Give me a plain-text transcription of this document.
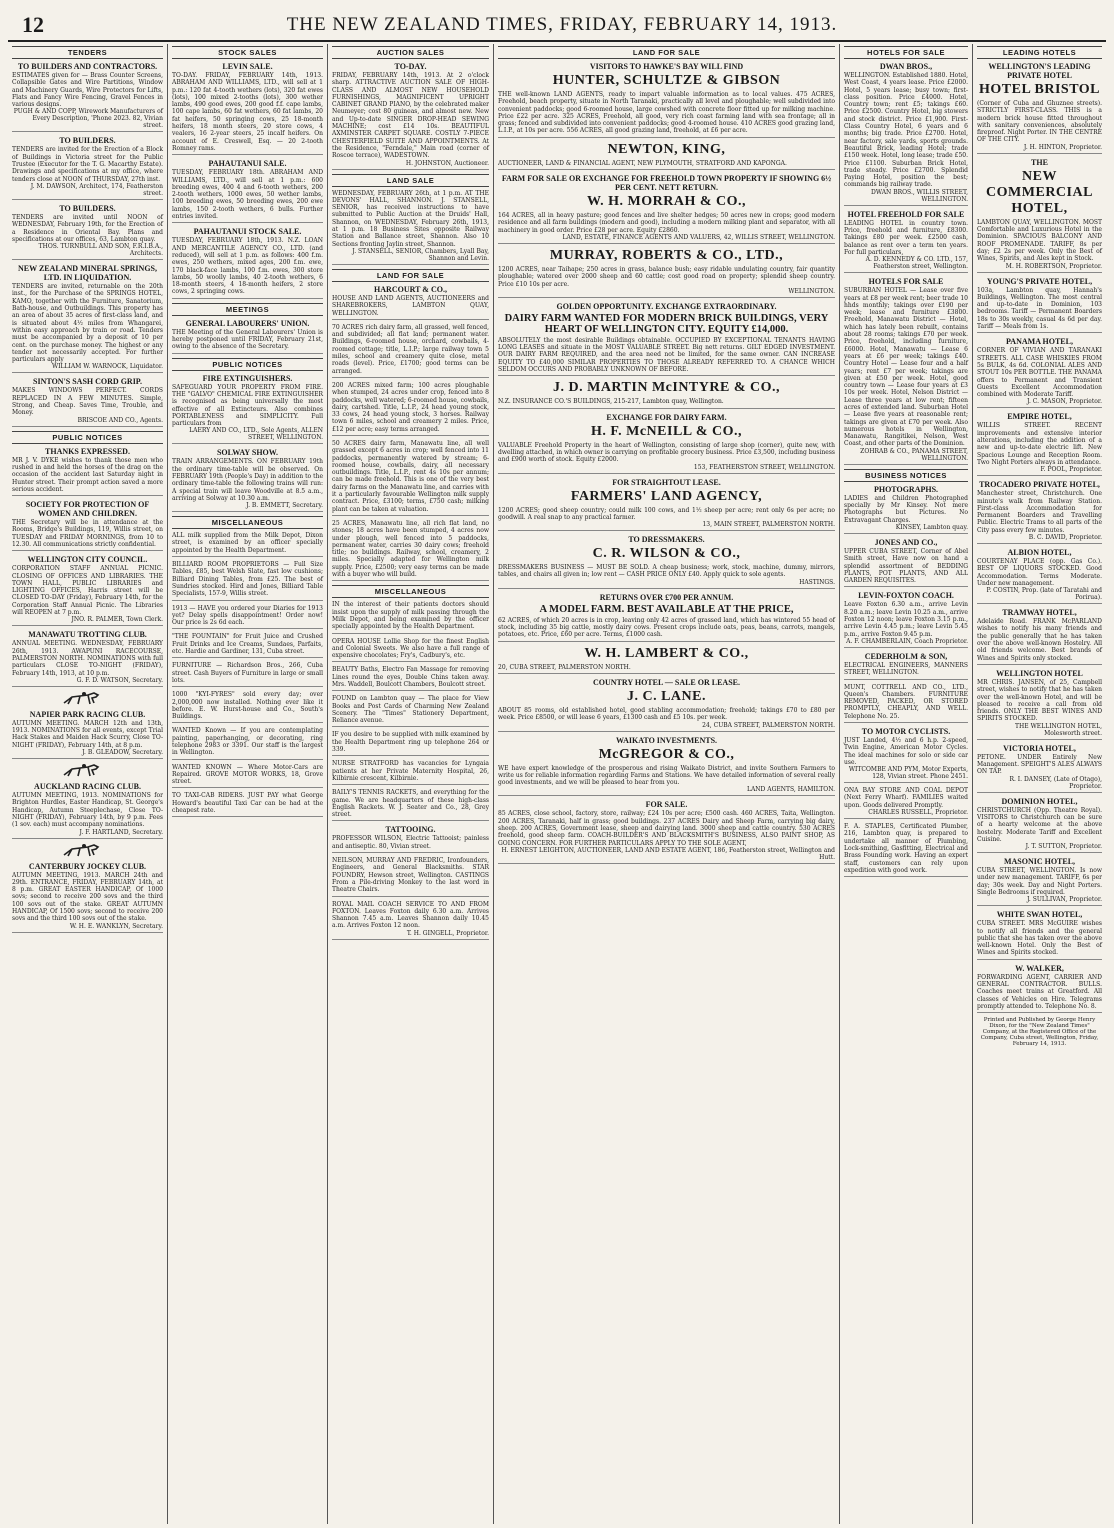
12	THE NEW ZEALAND TIMES, FRIDAY, FEBRUARY 14, 1913.
TENDERS
TO BUILDERS AND CONTRACTORS.
ESTIMATES given for — Brass Counter Screens, Collapsible Gates and Wire Partitions, Window and Machinery Guards, Wire Protectors for Lifts, Flats and Fancy Wire Fencing, Gravel Fences in various designs.
PUGH & AND COPP, Wirework Manufacturers of Every Description, 'Phone 2023. 82, Vivian street.
TO BUILDERS.
TENDERS are invited for the Erection of a Block of Buildings in Victoria street for the Public Trustee (Executor for the T. G. Macarthy Estate). Drawings and specifications at my office, where tenders close at NOON of THURSDAY, 27th inst.
J. M. DAWSON, Architect, 174, Featherston street.
TO BUILDERS.
TENDERS are invited until NOON of WEDNESDAY, February 19th, for the Erection of a Residence in Oriental Bay. Plans and specifications at our offices, 63, Lambton quay.
THOS. TURNBULL AND SON, F.R.I.B.A., Architects.
NEW ZEALAND MINERAL SPRINGS, LTD. IN LIQUIDATION.
TENDERS are invited, returnable on the 20th inst., for the Purchase of the SPRINGS HOTEL, KAMO, together with the Furniture, Sanatorium, Bath-house, and Outbuildings. This property has an area of about 35 acres of first-class land, and is situated about 4½ miles from Whangarei, within easy approach by train or road. Tenders must be accompanied by a deposit of 10 per cent. on the purchase money. The highest or any tender not necessarily accepted. For further particulars apply
WILLIAM W. WARNOCK, Liquidator.
SINTON'S SASH CORD GRIP.
MAKES WINDOWS PERFECT. CORDS REPLACED IN A FEW MINUTES. Simple, Strong, and Cheap. Saves Time, Trouble, and Money.
BRISCOE AND CO., Agents.
PUBLIC NOTICES
THANKS EXPRESSED.
MR J. V. DYKE wishes to thank those men who rushed in and held the horses of the drag on the occasion of the accident last Saturday night in Hunter street. Their prompt action saved a more serious accident.
SOCIETY FOR PROTECTION OF WOMEN AND CHILDREN.
THE Secretary will be in attendance at the Rooms, Bridge's Buildings, 119, Willis street, on TUESDAY and FRIDAY MORNINGS, from 10 to 12.30. All communications strictly confidential.
WELLINGTON CITY COUNCIL.
CORPORATION STAFF ANNUAL PICNIC. CLOSING OF OFFICES AND LIBRARIES. THE TOWN HALL, PUBLIC LIBRARIES and LIGHTING OFFICES, Harris street will be CLOSED TO-DAY (Friday), February 14th, for the Corporation Staff Annual Picnic. The Libraries will REOPEN at 7 p.m.
JNO. R. PALMER, Town Clerk.
MANAWATU TROTTING CLUB.
ANNUAL MEETING. WEDNESDAY, FEBRUARY 26th, 1913. AWAPUNI RACECOURSE, PALMERSTON NORTH. NOMINATIONS with full particulars CLOSE TO-NIGHT (FRIDAY), February 14th, 1913, at 10 p.m.
G. F. D. WATSON, Secretary.
NAPIER PARK RACING CLUB.
AUTUMN MEETING. MARCH 12th and 13th, 1913. NOMINATIONS for all events, except Trial Hack Stakes and Maiden Hack Scurry, Close TO-NIGHT (FRIDAY), February 14th, at 8 p.m.
J. B. GLEADOW, Secretary.
AUCKLAND RACING CLUB.
AUTUMN MEETING, 1913. NOMINATIONS for Brighton Hurdles, Easter Handicap, St. George's Handicap, Autumn Steeplechase, Close TO-NIGHT (FRIDAY), February 14th, by 9 p.m. Fees (1 sov. each) must accompany nominations.
J. F. HARTLAND, Secretary.
CANTERBURY JOCKEY CLUB.
AUTUMN MEETING, 1913. MARCH 24th and 29th. ENTRANCE, FRIDAY, FEBRUARY 14th, at 8 p.m. GREAT EASTER HANDICAP, Of 1000 sovs; second to receive 200 sovs and the third 100 sovs out of the stake. GREAT AUTUMN HANDICAP, Of 1500 sovs; second to receive 200 sovs and the third 100 sovs out of the stake.
W. H. E. WANKLYN, Secretary.
STOCK SALES
LEVIN SALE.
TO-DAY. FRIDAY, FEBRUARY 14th, 1913. ABRAHAM AND WILLIAMS, LTD., will sell at 1 p.m.: 120 fat 4-tooth wethers (lots), 320 fat ewes (lots), 100 mixed 2-tooths (lots), 300 wether lambs, 490 good ewes, 200 good f.f. cape lambs, 100 cape lambs, 60 fat wethers, 60 fat lambs, 20 fat heifers, 50 springing cows, 25 18-month heifers, 18 month steers, 20 store cows, 4 vealers, 16 2-year steers, 25 incalf heifers. On account of E. Creswell, Esq. — 20 2-tooth Romney rams.
PAHAUTANUI SALE.
TUESDAY, FEBRUARY 18th. ABRAHAM AND WILLIAMS, LTD., will sell at 1 p.m.: 600 breeding ewes, 400 4 and 6-tooth wethers, 200 2-tooth wethers, 1000 ewes, 50 wether lambs, 100 breeding ewes, 50 breeding ewes, 200 ewe lambs, 150 2-tooth wethers, 6 bulls. Further entries invited.
PAHAUTANUI STOCK SALE.
TUESDAY, FEBRUARY 18th, 1913. N.Z. LOAN AND MERCANTILE AGENCY CO., LTD. (and reduced), will sell at 1 p.m. as follows: 400 f.m. ewes, 250 wethers, mixed ages, 200 f.m. ewe, 170 black-face lambs, 100 f.m. ewes, 300 store lambs, 50 woolly lambs, 40 2-tooth wethers, 6 18-month steers, 4 18-month heifers, 2 store cows, 2 springing cows.
MEETINGS
GENERAL LABOURERS' UNION.
THE Meeting of the General Labourers' Union is hereby postponed until FRIDAY, February 21st, owing to the absence of the Secretary.
PUBLIC NOTICES
FIRE EXTINGUISHERS.
SAFEGUARD YOUR PROPERTY FROM FIRE. THE "GALVO" CHEMICAL FIRE EXTINGUISHER is recognised as being universally the most effective of all Extincteurs. Also combines PORTABLENESS and SIMPLICITY. Full particulars from
LAERY AND CO., LTD., Sole Agents, ALLEN STREET, WELLINGTON.
SOLWAY SHOW.
TRAIN ARRANGEMENTS. ON FEBRUARY 19th the ordinary time-table will be observed. On FEBRUARY 19th (People's Day) in addition to the ordinary time-table the following trains will run: A special train will leave Woodville at 8.5 a.m., arriving at Solway at 10.30 a.m.
J. B. EMMETT, Secretary.
MISCELLANEOUS
ALL milk supplied from the Milk Depot, Dixon street, is examined by an officer specially appointed by the Health Department.
BILLIARD ROOM PROPRIETORS — Full Size Tables, £85, best Welsh Slate, fast low cushions; Billiard Dining Tables, from £25. The best of Sundries stocked. Hird and Jones, Billiard Table Specialists, 157-9, Willis street.
1913 — HAVE you ordered your Diaries for 1913 yet? Delay spells disappointment! Order now! Our price is 2s 6d each.
"THE FOUNTAIN" for Fruit Juice and Crushed Fruit Drinks and Ice Creams, Sundaes, Parfaits, etc. Hardie and Gardiner, 131, Cuba street.
FURNITURE — Richardson Bros., 266, Cuba street. Cash Buyers of Furniture in large or small lots.
1000 "KYI-FYRES" sold every day; over 2,000,000 now installed. Nothing ever like it before. E. W. Hurst-house and Co., South's Buildings.
WANTED Known — If you are contemplating painting, paperhanging, or decorating, ring telephone 2983 or 3391. Our staff is the largest in Wellington.
WANTED KNOWN — Where Motor-Cars are Repaired. GROVE MOTOR WORKS, 18, Grove street.
TO TAXI-CAB RIDERS. JUST PAY what George Howard's beautiful Taxi Car can be had at the cheapest rate.
AUCTION SALES
TO-DAY.
FRIDAY, FEBRUARY 14th, 1913. At 2 o'clock sharp. ATTRACTIVE AUCTION SALE OF HIGH-CLASS AND ALMOST NEW HOUSEHOLD FURNISHINGS, MAGNIFICENT UPRIGHT CABINET GRAND PIANO, by the celebrated maker Neumeyer; cost 80 guineas, and almost new. New and Up-to-date SINGER DROP-HEAD SEWING MACHINE; cost £14 10s. BEAUTIFUL AXMINSTER CARPET SQUARE. COSTLY 7-PIECE CHESTERFIELD SUITE AND APPOINTMENTS. At the Residence, "Ferndale," Main road (corner of Roscoe terrace), WADESTOWN.
H. JOHNSTON, Auctioneer.
LAND SALE
WEDNESDAY, FEBRUARY 26th, at 1 p.m. AT THE DEVONS' HALL, SHANNON. J. STANSELL, SENIOR, has received instructions to have submitted to Public Auction at the Druids' Hall, Shannon, on WEDNESDAY, February 26th, 1913, at 1 p.m. 18 Business Sites opposite Railway Station and Ballance street, Shannon. Also 10 Sections fronting Jaylin street, Shannon.
J. STANSELL, SENIOR, Chambers, Lyall Bay, Shannon and Levin.
LAND FOR SALE
HARCOURT & CO.,
HOUSE AND LAND AGENTS, AUCTIONEERS and SHAREBROKERS, LAMBTON QUAY, WELLINGTON.
70 ACRES rich dairy farm, all grassed, well fenced, and subdivided; all flat land; permanent water. Buildings, 6-roomed house, orchard, cowbails, 4-roomed cottage; title, L.I.P.; large railway town 5 miles, school and creamery quite close, metal roads (level). Price, £1700; good terms can be arranged.
200 ACRES mixed farm; 100 acres ploughable when stumped, 24 acres under crop, fenced into 8 paddocks, well watered; 6-roomed house, cowbails, dairy, cartshed. Title, L.I.P., 24 head young stock, 33 cows, 24 head young stock, 3 horses. Railway town 6 miles, school and creamery 2 miles. Price, £12 per acre; easy terms arranged.
50 ACRES dairy farm, Manawatu line, all well grassed except 6 acres in crop; well fenced into 11 paddocks, permanently watered by stream; 6-roomed house, cowbails, dairy, all necessary outbuildings. Title, L.I.P., rent 4s 10s per annum; can be made freehold. This is one of the very best dairy farms on the Manawatu line, and carries with it a particularly favourable Wellington milk supply contract. Price, £3100; terms, £750 cash; milking plant can be taken at valuation.
25 ACRES, Manawatu line, all rich flat land, no stones; 18 acres have been stumped, 4 acres now under plough, well fenced into 5 paddocks, permanent water, carries 30 dairy cows; freehold title; no buildings. Railway, school, creamery, 2 miles. Specially adapted for Wellington milk supply. Price, £2500; very easy terms can be made with a buyer who will build.
MISCELLANEOUS
IN the interest of their patients doctors should insist upon the supply of milk passing through the Milk Depot, and being examined by the officer specially appointed by the Health Department.
OPERA HOUSE Lollie Shop for the finest English and Colonial Sweets. We also have a full range of expensive chocolates; Fry's, Cadbury's, etc.
BEAUTY Baths, Electro Fan Massage for removing Lines round the eyes, Double Chins taken away. Mrs. Waddell, Boulcott Chambers, Boulcott street.
FOUND on Lambton quay — The place for View Books and Post Cards of Charming New Zealand Scenery. The "Times" Stationery Department, Reliance avenue.
IF you desire to be supplied with milk examined by the Health Department ring up telephone 264 or 339.
NURSE STRATFORD has vacancies for Lyngaia patients at her Private Maternity Hospital, 26, Kilbirnie crescent, Kilbirnie.
BAILY'S TENNIS RACKETS, and everything for the game. We are headquarters of these high-class English Rackets. W. J. Seater and Co., 28, Grey street.
TATTOOING.
PROFESSOR WILSON, Electric Tattooist; painless and antiseptic. 80, Vivian street.
NEILSON, MURRAY AND FREDRIC, Ironfounders, Engineers, and General Blacksmiths. STAR FOUNDRY, Hewson street, Wellington. CASTINGS From a Pile-driving Monkey to the last word in Theatre Chairs.
ROYAL MAIL COACH SERVICE TO AND FROM FOXTON. Leaves Foxton daily 6.30 a.m. Arrives Shannon 7.45 a.m. Leaves Shannon daily 10.45 a.m. Arrives Foxton 12 noon.
T. H. GINGELL, Proprietor.
LAND FOR SALE
VISITORS TO HAWKE'S BAY WILL FIND
HUNTER, SCHULTZE & GIBSON
THE well-known LAND AGENTS, ready to impart valuable information as to local values. 475 ACRES, Freehold, beach property, situate in North Taranaki, practically all level and ploughable; well subdivided into convenient paddocks; good 6-roomed house, large cowshed with concrete floor fitted up for milking machine. Price £22 per acre. 325 ACRES, Freehold, all good, very rich coast farming land with sea frontage; all in grass; fenced and subdivided into convenient paddocks; good 4-roomed house. 410 ACRES good grazing land, L.I.P., at 10s per acre. 556 ACRES, all good grazing land, freehold, at £6 per acre.
NEWTON, KING,
AUCTIONEER, LAND & FINANCIAL AGENT, NEW PLYMOUTH, STRATFORD AND KAPONGA.
FARM FOR SALE OR EXCHANGE FOR FREEHOLD TOWN PROPERTY IF SHOWING 6½ PER CENT. NETT RETURN.
W. H. MORRAH & CO.,
164 ACRES, all in heavy pasture; good fences and live shelter hedges; 50 acres new in crops; good modern residence and all farm buildings (modern and good), including a modern milking plant and separator, with all machinery in good order. Price £28 per acre. Equity £2860.
LAND, ESTATE, FINANCE AGENTS AND VALUERS, 42, WILLIS STREET, WELLINGTON.
MURRAY, ROBERTS & CO., LTD.,
1200 ACRES, near Taihape; 250 acres in grass, balance bush; easy ridable undulating country, fair quantity ploughable; watered over 2000 sheep and 60 cattle; cost good road on property; splendid sheep country. Price £10 10s per acre.
WELLINGTON.
GOLDEN OPPORTUNITY. EXCHANGE EXTRAORDINARY.
DAIRY FARM WANTED FOR MODERN BRICK BUILDINGS, VERY HEART OF WELLINGTON CITY. EQUITY £14,000.
ABSOLUTELY the most desirable Buildings obtainable. OCCUPIED BY EXCEPTIONAL TENANTS HAVING LONG LEASES and situate in the MOST VALUABLE STREET. Big nett returns. GILT EDGED INVESTMENT. OUR DAIRY FARM REQUIRED, and the area need not be limited, for the same owner. CAN INCREASE EQUITY TO £40,000 SIMILAR PROPERTIES TO THOSE ALREADY REFERRED TO. A CHANCE WHICH SELDOM OCCURS AND PROBABLY UNKNOWN OF BEFORE.
J. D. MARTIN McINTYRE & CO.,
N.Z. INSURANCE CO.'S BUILDINGS, 215-217, Lambton quay, Wellington.
EXCHANGE FOR DAIRY FARM.
H. F. McNEILL & CO.,
VALUABLE Freehold Property in the heart of Wellington, consisting of large shop (corner), quite new, with dwelling attached, in which owner is carrying on profitable grocery business. Price £3,500, including business and £900 worth of stock. Equity £2000.
153, FEATHERSTON STREET, WELLINGTON.
FOR STRAIGHTOUT LEASE.
FARMERS' LAND AGENCY,
1200 ACRES; good sheep country; could milk 100 cows, and 1½ sheep per acre; rent only 6s per acre; no goodwill. A real snap to any practical farmer.
13, MAIN STREET, PALMERSTON NORTH.
TO DRESSMAKERS.
C. R. WILSON & CO.,
DRESSMAKERS BUSINESS — MUST BE SOLD. A cheap business; work, stock, machine, dummy, mirrors, tables, and chairs all given in; low rent — CASH PRICE ONLY £40. Apply quick to sole agents.
HASTINGS.
RETURNS OVER £700 PER ANNUM.
A MODEL FARM. BEST AVAILABLE AT THE PRICE,
62 ACRES, of which 20 acres is in crop, leaving only 42 acres of grassed land, which has wintered 55 head of stock, including 35 big cattle, mostly dairy cows. Present crops include oats, peas, beans, carrots, mangels, potatoes, etc. Price, £60 per acre. Terms, £1000 cash.
W. H. LAMBERT & CO.,
20, CUBA STREET, PALMERSTON NORTH.
COUNTRY HOTEL — SALE OR LEASE.
J. C. LANE.
ABOUT 85 rooms, old established hotel, good stabling accommodation; freehold; takings £70 to £80 per week. Price £8500, or will lease 6 years, £1300 cash and £5 10s. per week.
24, CUBA STREET, PALMERSTON NORTH.
WAIKATO INVESTMENTS.
McGREGOR & CO.,
WE have expert knowledge of the prosperous and rising Waikato District, and invite Southern Farmers to write us for reliable information regarding Farms and Stations. We have detailed information of several really good investments, and we will be pleased to hear from you.
LAND AGENTS, HAMILTON.
FOR SALE.
85 ACRES, close school, factory, store, railway; £24 10s per acre; £500 cash. 460 ACRES, Taita, Wellington. 200 ACRES, Taranaki, half in grass; good buildings. 237 ACRES Dairy and Sheep Farm, carrying big dairy, sheep. 200 ACRES, Government lease, sheep and dairying land. 3000 sheep and cattle country. 530 ACRES freehold, good sheep farm. COACH-BUILDER'S AND BLACKSMITH'S BUSINESS, ALSO PAINT SHOP, AS GOING CONCERN. FOR FURTHER PARTICULARS APPLY TO THE SOLE AGENT,
H. ERNEST LEIGHTON, AUCTIONEER, LAND AND ESTATE AGENT, 186, Featherston street, Wellington and Hutt.
HOTELS FOR SALE
DWAN BROS.,
WELLINGTON. Established 1880. Hotel, West Coast, 4 years lease. Price £2000. Hotel, 5 years lease; busy town; first-class position. Price £4000. Hotel, Country town; rent £5; takings £60. Price £2500. Country Hotel, big stowers and stock district. Price £1,900. First-Class Country Hotel, 6 years and 6 months; big trade. Price £2700. Hotel, near factory, sale yards, sports grounds. Beautiful Brick, leading Hotel; trade £150 week. Hotel, long lease; trade £50. Price £1100. Suburban Brick Hotel, trade steady. Price £2700. Splendid Paying Hotel, position the best; commands big railway trade.
DWAN BROS., WILLIS STREET, WELLINGTON.
HOTEL FREEHOLD FOR SALE
LEADING HOTEL in country town. Price, freehold and furniture, £8300. Takings £80 per week. £2500 cash, balance as rent over a term ten years. For full particulars,
A. D. KENNEDY & CO. LTD., 157, Featherston street, Wellington.
HOTELS FOR SALE
SUBURBAN HOTEL — Lease over five years at £8 per week rent; beer trade 10 hhds monthly; takings over £190 per week; lease and furniture £3800. Freehold, Manawatu District — Hotel, which has lately been rebuilt, contains about 28 rooms; takings £70 per week. Price, freehold, including furniture, £6000. Hotel, Manawatu — Lease 6 years at £6 per week; takings £40. Country Hotel — Lease four and a half years; rent £7 per week; takings are given at £50 per week. Hotel, good country town — Lease four years at £3 10s per week. Hotel, Nelson District — Lease three years at low rent; fifteen acres of extended land. Suburban Hotel — Lease five years at reasonable rent; takings are given at £70 per week. Also numerous hotels in Wellington, Manawatu, Rangitikei, Nelson, West Coast, and other parts of the Dominion.
ZOHRAB & CO., PANAMA STREET, WELLINGTON.
BUSINESS NOTICES
PHOTOGRAPHS.
LADIES and Children Photographed specially by Mr Kinsey. Not mere Photographs but Pictures. No Extravagant Charges.
KINSEY, Lambton quay.
JONES AND CO.,
UPPER CUBA STREET, Corner of Abel Smith street, Have now on hand a splendid assortment of BEDDING PLANTS, POT PLANTS, AND ALL GARDEN REQUISITES.
LEVIN-FOXTON COACH.
Leave Foxton 6.30 a.m., arrive Levin 8.20 a.m.; leave Levin 10.25 a.m., arrive Foxton 12 noon; leave Foxton 3.15 p.m., arrive Levin 4.45 p.m.; leave Levin 5.45 p.m., arrive Foxton 9.45 p.m.
A. F. CHAMBERLAIN, Coach Proprietor.
CEDERHOLM & SON,
ELECTRICAL ENGINEERS, MANNERS STREET, WELLINGTON.
MUNT, COTTRELL AND CO., LTD., Queen's Chambers. FURNITURE REMOVED, PACKED, OR STORED PROMPTLY, CHEAPLY, AND WELL. Telephone No. 25.
TO MOTOR CYCLISTS.
JUST Landed, 4½ and 6 h.p. 2-speed, Twin Engine, American Motor Cycles. The ideal machines for solo or side car use.
WITCOMBE AND PYM, Motor Experts, 128, Vivian street. Phone 2451.
ONA BAY STORE AND COAL DEPOT (Next Ferry Wharf). FAMILIES waited upon. Goods delivered Promptly.
CHARLES RUSSELL, Proprietor.
F. A. STAPLES, Certificated Plumber, 216, Lambton quay, is prepared to undertake all manner of Plumbing, Lock-smithing, Gasfitting, Electrical and Brass Founding work. Having an expert staff, customers can rely upon expedition with good work.
LEADING HOTELS
WELLINGTON'S LEADING PRIVATE HOTEL
HOTEL BRISTOL
(Corner of Cuba and Ghuznee streets). STRICTLY FIRST-CLASS. THIS is a modern brick house fitted throughout with sanitary conveniences, absolutely fireproof. Night Porter. IN THE CENTRE OF THE CITY.
J. H. HINTON, Proprietor.
THE
NEW COMMERCIAL HOTEL,
LAMBTON QUAY, WELLINGTON. MOST Comfortable and Luxurious Hotel in the Dominion. SPACIOUS BALCONY AND ROOF PROMENADE. TARIFF, 8s per day; £2 2s per week. Only the Best of Wines, Spirits, and Ales kept in Stock.
M. H. ROBERTSON, Proprietor.
YOUNG'S PRIVATE HOTEL,
103a, Lambton quay, Hannah's Buildings, Wellington. The most central and up-to-date in Dominion, 103 bedrooms. Tariff — Permanent Boarders 18s to 30s weekly, casual 4s 6d per day. Tariff — Meals from 1s.
PANAMA HOTEL,
CORNER OF VIVIAN AND TARANAKI STREETS. ALL CASE WHISKIES FROM 5s BULK, 4s 6d. COLONIAL ALES AND STOUT 10s PER BOTTLE. THE PANAMA offers to Permanent and Transient Guests Excellent Accommodation combined with Moderate Tariff.
J. C. MASON, Proprietor.
EMPIRE HOTEL,
WILLIS STREET. RECENT improvements and extensive interior alterations, including the addition of a new and up-to-date electric lift. New Spacious Lounge and Reception Room. Two Night Porters always in attendance.
F. POOL, Proprietor.
TROCADERO PRIVATE HOTEL,
Manchester street, Christchurch. One minute's walk from Railway Station. First-class Accommodation for Permanent Boarders and Travelling Public. Electric Trams to all parts of the City pass every few minutes.
B. C. DAVID, Proprietor.
ALBION HOTEL,
COURTENAY PLACE (opp. Gas Co.). BEST OF LIQUORS STOCKED. Good Accommodation. Terms Moderate. Under new management.
P. COSTIN, Prop. (late of Taratahi and Porirua).
TRAMWAY HOTEL,
Adelaide Road. FRANK McPARLAND wishes to notify his many friends and the public generally that he has taken over the above well-known Hostelry. All old friends welcome. Best brands of Wines and Spirits only stocked.
WELLINGTON HOTEL
MR CHRIS. JANSEN, of 25, Campbell street, wishes to notify that he has taken over the well-known Hotel, and will be pleased to receive a call from old friends. ONLY THE BEST WINES AND SPIRITS STOCKED.
THE WELLINGTON HOTEL, Molesworth street.
VICTORIA HOTEL,
PETONE. UNDER Entirely New Management. SPEIGHT'S ALES ALWAYS ON TAP.
R. I. DANSEY, (Late of Otago), Proprietor.
DOMINION HOTEL,
CHRISTCHURCH (Opp. Theatre Royal). VISITORS to Christchurch can be sure of a hearty welcome at the above hostelry. Moderate Tariff and Excellent Cuisine.
J. T. SUTTON, Proprietor.
MASONIC HOTEL,
CUBA STREET, WELLINGTON. Is now under new management. TARIFF, 6s per day; 30s week. Day and Night Porters. Single Bedrooms if required.
J. SULLIVAN, Proprietor.
WHITE SWAN HOTEL,
CUBA STREET. MRS McGUIRE wishes to notify all friends and the general public that she has taken over the above well-known Hotel. Only the Best of Wines and Spirits stocked.
W. WALKER,
FORWARDING AGENT, CARRIER AND GENERAL CONTRACTOR. BULLS. Coaches meet trains at Greatford. All classes of Vehicles on Hire. Telegrams promptly attended to. Telephone No. 8.
Printed and Published by George Henry Dixon, for the "New Zealand Times" Company, at the Registered Office of the Company, Cuba street, Wellington, Friday, February 14, 1913.
